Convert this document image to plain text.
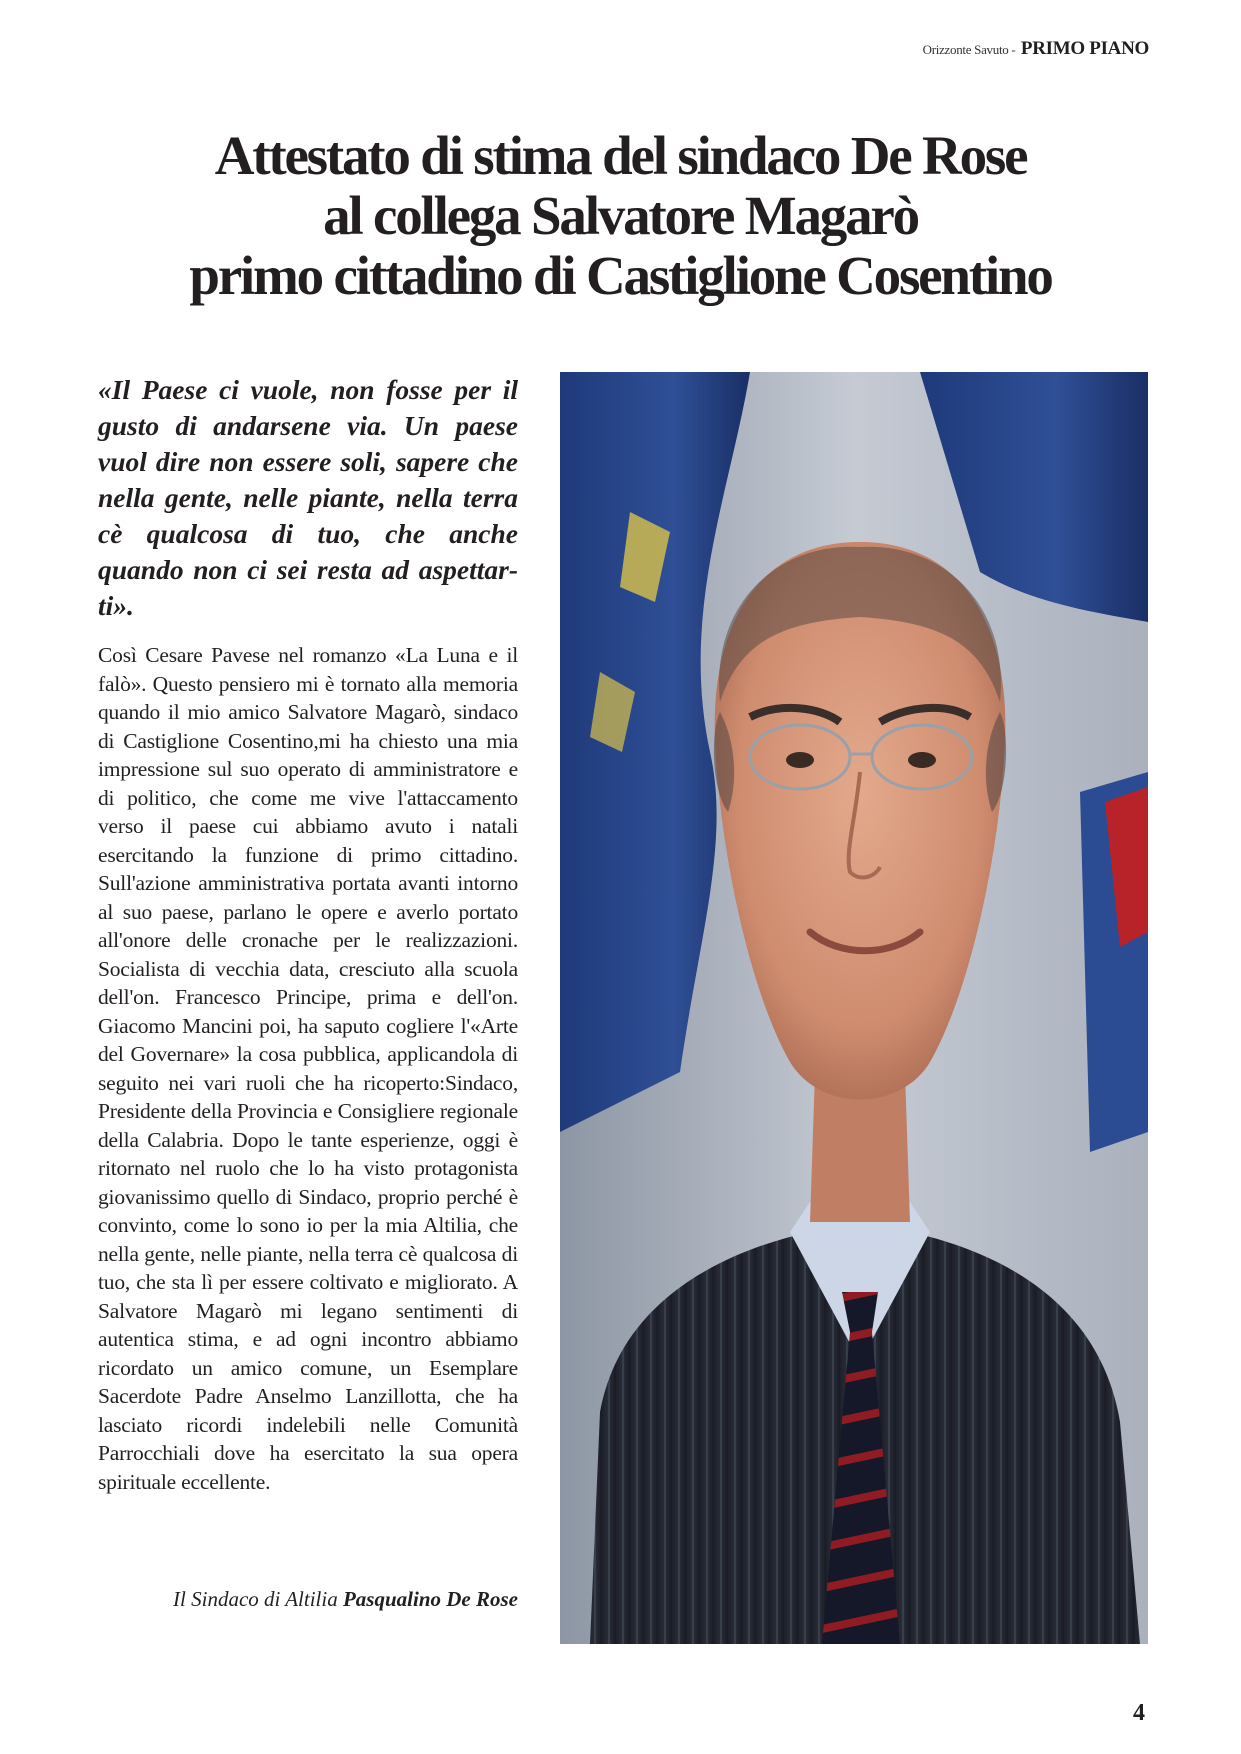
Orizzonte Savuto - PRIMO PIANO
Attestato di stima del sindaco De Rose
al collega Salvatore Magarò
primo cittadino di Castiglione Cosentino

«Il Paese ci vuole, non fosse per il gusto di andarsene via. Un paese vuol dire non essere soli, sapere che nella gente, nelle piante, nella terra cè qualcosa di tuo, che anche quando non ci sei resta ad aspettar- ti».

Così Cesare Pavese nel romanzo «La Luna e il falò». Questo pensiero mi è tornato alla memoria quando il mio amico Salvatore Magarò, sindaco di Castiglione Cosentino,mi ha chiesto una mia impressione sul suo operato di amministratore e di politico, che come me vive l'attaccamento verso il paese cui abbiamo avuto i natali esercitando la funzione di primo cittadino. Sull'azione amministrativa portata avanti intorno al suo paese, parlano le opere e averlo portato all'onore delle cronache per le realizzazioni. Socialista di vecchia data, cresciuto alla scuola dell'on. Francesco Principe, prima e dell'on. Giacomo Mancini poi, ha saputo cogliere l'«Arte del Governare» la cosa pubblica, applicandola di seguito nei vari ruoli che ha ricoperto:Sindaco, Presidente della Provincia e Consigliere regionale della Calabria. Dopo le tante esperienze, oggi è ritornato nel ruolo che lo ha visto protagonista giovanissimo quello di Sindaco, proprio perché è convinto, come lo sono io per la mia Altilia, che nella gente, nelle piante, nella terra cè qualcosa di tuo, che sta lì per essere coltivato e migliorato. A Salvatore Magarò mi legano sentimenti di autentica stima, e ad ogni incontro abbiamo ricordato un amico comune, un Esemplare Sacerdote Padre Anselmo Lanzillotta, che ha lasciato ricordi indelebili nelle Comunità Parrocchiali dove ha esercitato la sua opera spirituale eccellente.

Il Sindaco di Altilia Pasqualino De Rose
4
